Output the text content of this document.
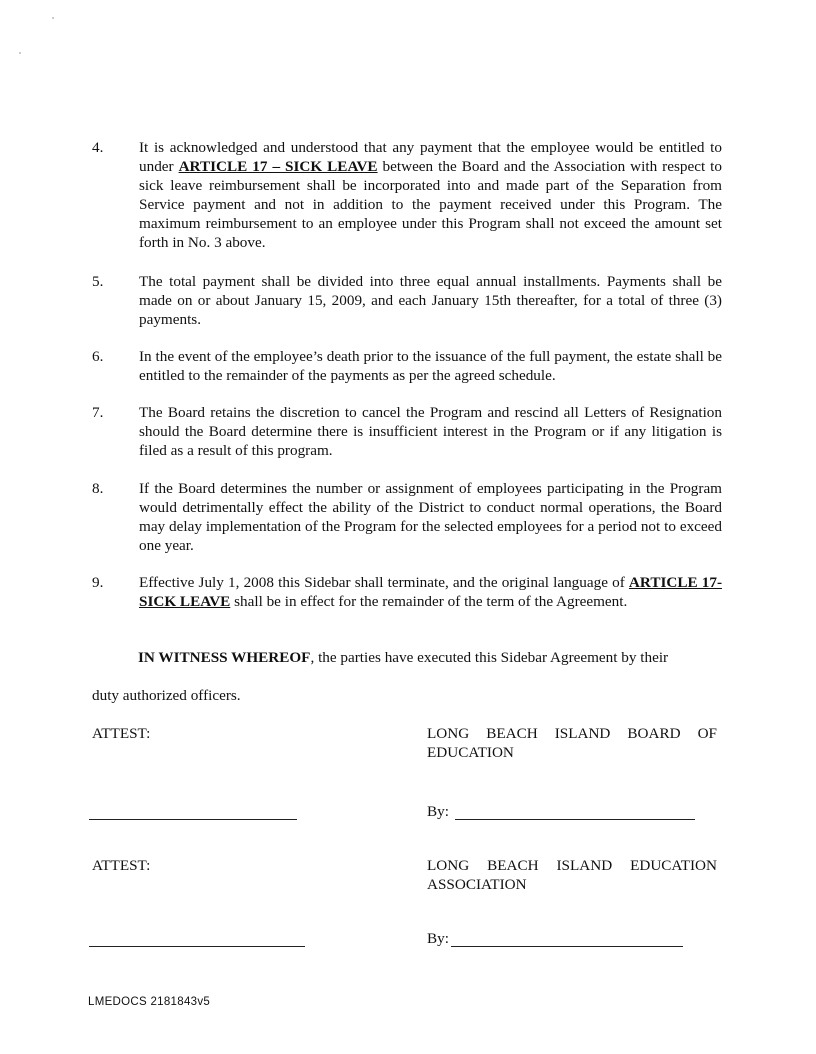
4. It is acknowledged and understood that any payment that the employee would be entitled to under ARTICLE 17 – SICK LEAVE between the Board and the Association with respect to sick leave reimbursement shall be incorporated into and made part of the Separation from Service payment and not in addition to the payment received under this Program. The maximum reimbursement to an employee under this Program shall not exceed the amount set forth in No. 3 above.
5. The total payment shall be divided into three equal annual installments. Payments shall be made on or about January 15, 2009, and each January 15th thereafter, for a total of three (3) payments.
6. In the event of the employee’s death prior to the issuance of the full payment, the estate shall be entitled to the remainder of the payments as per the agreed schedule.
7. The Board retains the discretion to cancel the Program and rescind all Letters of Resignation should the Board determine there is insufficient interest in the Program or if any litigation is filed as a result of this program.
8. If the Board determines the number or assignment of employees participating in the Program would detrimentally effect the ability of the District to conduct normal operations, the Board may delay implementation of the Program for the selected employees for a period not to exceed one year.
9. Effective July 1, 2008 this Sidebar shall terminate, and the original language of ARTICLE 17- SICK LEAVE shall be in effect for the remainder of the term of the Agreement.
IN WITNESS WHEREOF, the parties have executed this Sidebar Agreement by their
duty authorized officers.
ATTEST:	LONG BEACH ISLAND BOARD OF
EDUCATION
By:
ATTEST:	LONG BEACH ISLAND EDUCATION
ASSOCIATION
By:
LMEDOCS 2181843v5
